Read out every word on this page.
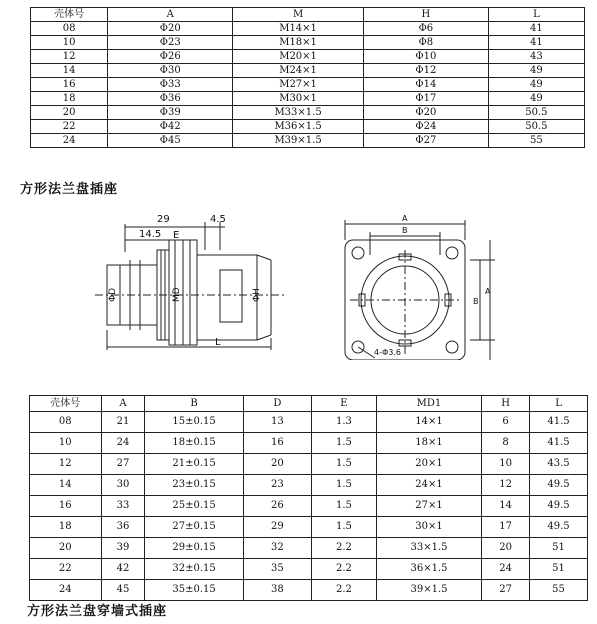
壳体号	A	M	H	L
08	Φ20	M14×1	Φ6	41
10	Φ23	M18×1	Φ8	41
12	Φ26	M20×1	Φ10	43
14	Φ30	M24×1	Φ12	49
16	Φ33	M27×1	Φ14	49
18	Φ36	M30×1	Φ17	49
20	Φ39	M33×1.5	Φ20	50.5
22	Φ42	M36×1.5	Φ24	50.5
24	Φ45	M39×1.5	Φ27	55
方形法兰盘插座
29	4.5
14.5 E
ΦD	MD	ΦH
L
A
B
B
A
4-Φ3.6
壳体号	A	B	D	E	MD1	H	L
08	21	15±0.15	13	1.3	14×1	6	41.5
10	24	18±0.15	16	1.5	18×1	8	41.5
12	27	21±0.15	20	1.5	20×1	10	43.5
14	30	23±0.15	23	1.5	24×1	12	49.5
16	33	25±0.15	26	1.5	27×1	14	49.5
18	36	27±0.15	29	1.5	30×1	17	49.5
20	39	29±0.15	32	2.2	33×1.5	20	51
22	42	32±0.15	35	2.2	36×1.5	24	51
24	45	35±0.15	38	2.2	39×1.5	27	55
方形法兰盘穿墙式插座
